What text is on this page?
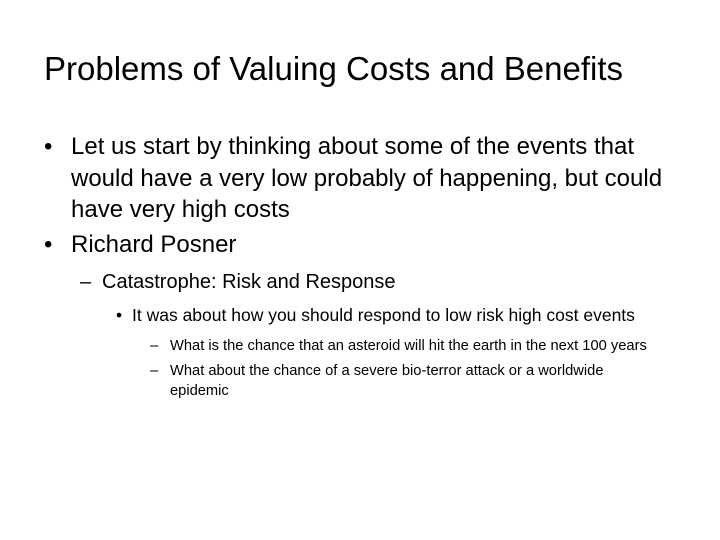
Problems of Valuing Costs and Benefits
• Let us start by thinking about some of the events that would have a very low probably of happening, but could have very high costs
• Richard Posner
– Catastrophe: Risk and Response
• It was about how you should respond to low risk high cost events
– What is the chance that an asteroid will hit the earth in the next 100 years
– What about the chance of a severe bio-terror attack or a worldwide epidemic
